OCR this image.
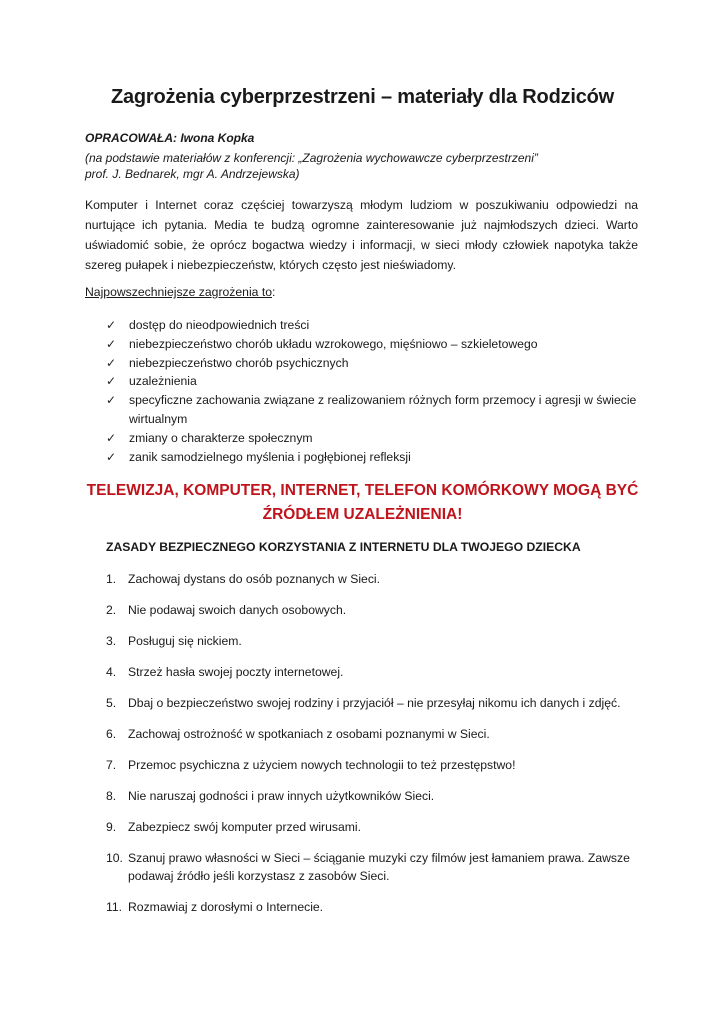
Zagrożenia cyberprzestrzeni – materiały dla Rodziców
OPRACOWAŁA: Iwona Kopka
(na podstawie materiałów z konferencji: „Zagrożenia wychowawcze cyberprzestrzeni”
prof. J. Bednarek, mgr A. Andrzejewska)
Komputer i Internet coraz częściej towarzyszą młodym ludziom w poszukiwaniu odpowiedzi na nurtujące ich pytania. Media te budzą ogromne zainteresowanie już najmłodszych dzieci. Warto uświadomić sobie, że oprócz bogactwa wiedzy i informacji, w sieci młody człowiek napotyka także szereg pułapek i niebezpieczeństw, których często jest nieświadomy.
Najpowszechniejsze zagrożenia to:
✓ dostęp do nieodpowiednich treści
✓ niebezpieczeństwo chorób układu wzrokowego, mięśniowo – szkieletowego
✓ niebezpieczeństwo chorób psychicznych
✓ uzależnienia
✓ specyficzne zachowania związane z realizowaniem różnych form przemocy i agresji w świecie wirtualnym
✓ zmiany o charakterze społecznym
✓ zanik samodzielnego myślenia i pogłębionej refleksji
TELEWIZJA, KOMPUTER, INTERNET, TELEFON KOMÓRKOWY MOGĄ BYĆ
ŹRÓDŁEM UZALEŻNIENIA!
ZASADY BEZPIECZNEGO KORZYSTANIA Z INTERNETU DLA TWOJEGO DZIECKA
1. Zachowaj dystans do osób poznanych w Sieci.
2. Nie podawaj swoich danych osobowych.
3. Posługuj się nickiem.
4. Strzeż hasła swojej poczty internetowej.
5. Dbaj o bezpieczeństwo swojej rodziny i przyjaciół – nie przesyłaj nikomu ich danych i zdjęć.
6. Zachowaj ostrożność w spotkaniach z osobami poznanymi w Sieci.
7. Przemoc psychiczna z użyciem nowych technologii to też przestępstwo!
8. Nie naruszaj godności i praw innych użytkowników Sieci.
9. Zabezpiecz swój komputer przed wirusami.
10. Szanuj prawo własności w Sieci – ściąganie muzyki czy filmów jest łamaniem prawa. Zawsze podawaj źródło jeśli korzystasz z zasobów Sieci.
11. Rozmawiaj z dorosłymi o Internecie.
